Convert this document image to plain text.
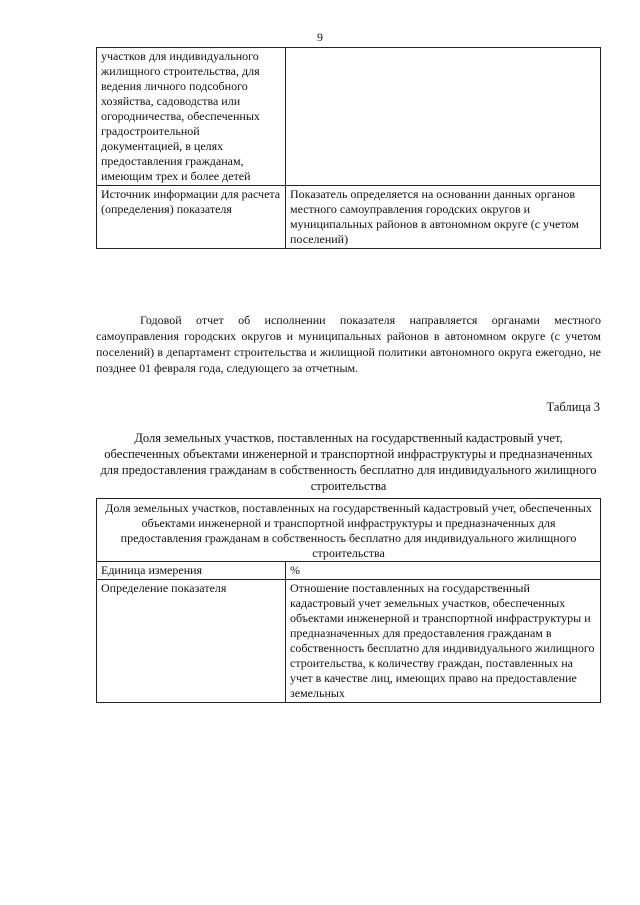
9
участков для индивидуального жилищного строительства, для ведения личного подсобного хозяйства, садоводства или огородничества, обеспеченных градостроительной документацией, в целях предоставления гражданам, имеющим трех и более детей	
Источник информации для расчета (определения) показателя	Показатель определяется на основании данных органов местного самоуправления городских округов и муниципальных районов в автономном округе (с учетом поселений)
Годовой отчет об исполнении показателя направляется органами местного самоуправления городских округов и муниципальных районов в автономном округе (с учетом поселений) в департамент строительства и жилищной политики автономного округа ежегодно, не позднее 01 февраля года, следующего за отчетным.
Таблица 3
Доля земельных участков, поставленных на государственный кадастровый учет, обеспеченных объектами инженерной и транспортной инфраструктуры и предназначенных для предоставления гражданам в собственность бесплатно для индивидуального жилищного строительства
Доля земельных участков, поставленных на государственный кадастровый учет, обеспеченных объектами инженерной и транспортной инфраструктуры и предназначенных для предоставления гражданам в собственность бесплатно для индивидуального жилищного строительства	
Единица измерения	%
Определение показателя	Отношение поставленных на государственный кадастровый учет земельных участков, обеспеченных объектами инженерной и транспортной инфраструктуры и предназначенных для предоставления гражданам в собственность бесплатно для индивидуального жилищного строительства, к количеству граждан, поставленных на учет в качестве лиц, имеющих право на предоставление земельных
